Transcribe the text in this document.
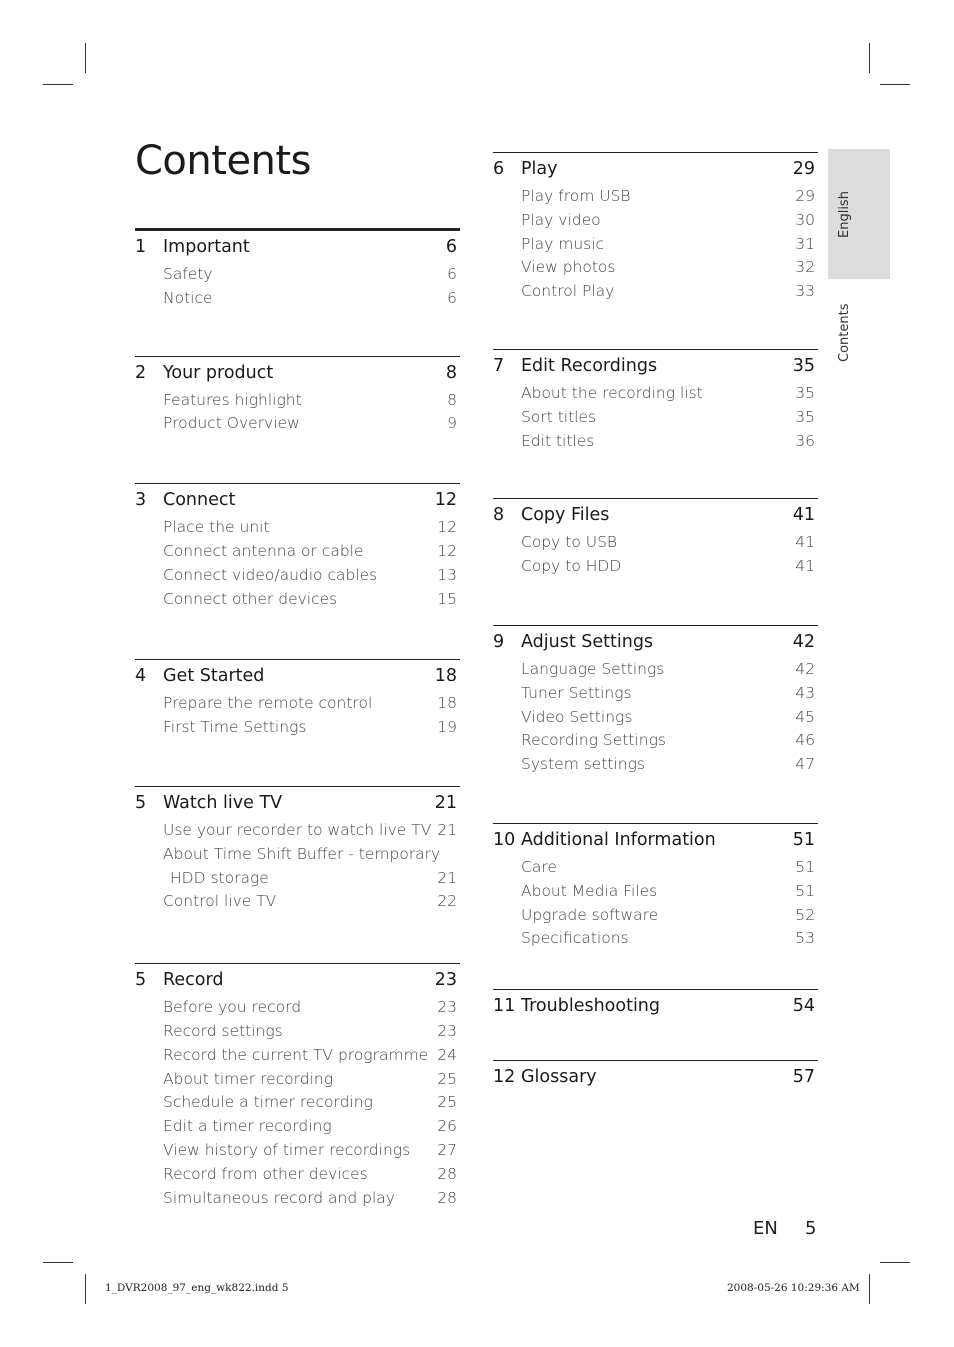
Contents
English
Contents
1 Important	6
Safety	6
Notice	6
2 Your product	8
Features highlight	8
Product Overview	9
3 Connect	12
Place the unit	12
Connect antenna or cable	12
Connect video/audio cables	13
Connect other devices	15
4 Get Started	18
Prepare the remote control	18
First Time Settings	19
5 Watch live TV	21
Use your recorder to watch live TV 21
About Time Shift Buffer - temporary
HDD storage	21
Control live TV	22
5 Record	23
Before you record	23
Record settings	23
Record the current TV programme 24
About timer recording	25
Schedule a timer recording	25
Edit a timer recording	26
View history of timer recordings 27
Record from other devices	28
Simultaneous record and play	28
6 Play	29
Play from USB	29
Play video	30
Play music	31
View photos	32
Control Play	33
7 Edit Recordings	35
About the recording list	35
Sort titles	35
Edit titles	36
8 Copy Files	41
Copy to USB	41
Copy to HDD	41
9 Adjust Settings	42
Language Settings	42
Tuner Settings	43
Video Settings	45
Recording Settings	46
System settings	47
10 Additional Information	51
Care	51
About Media Files	51
Upgrade software	52
Specifications	53
11 Troubleshooting	54
12 Glossary	57
EN 5
1_DVR2008_97_eng_wk822.indd 5	2008-05-26 10:29:36 AM
